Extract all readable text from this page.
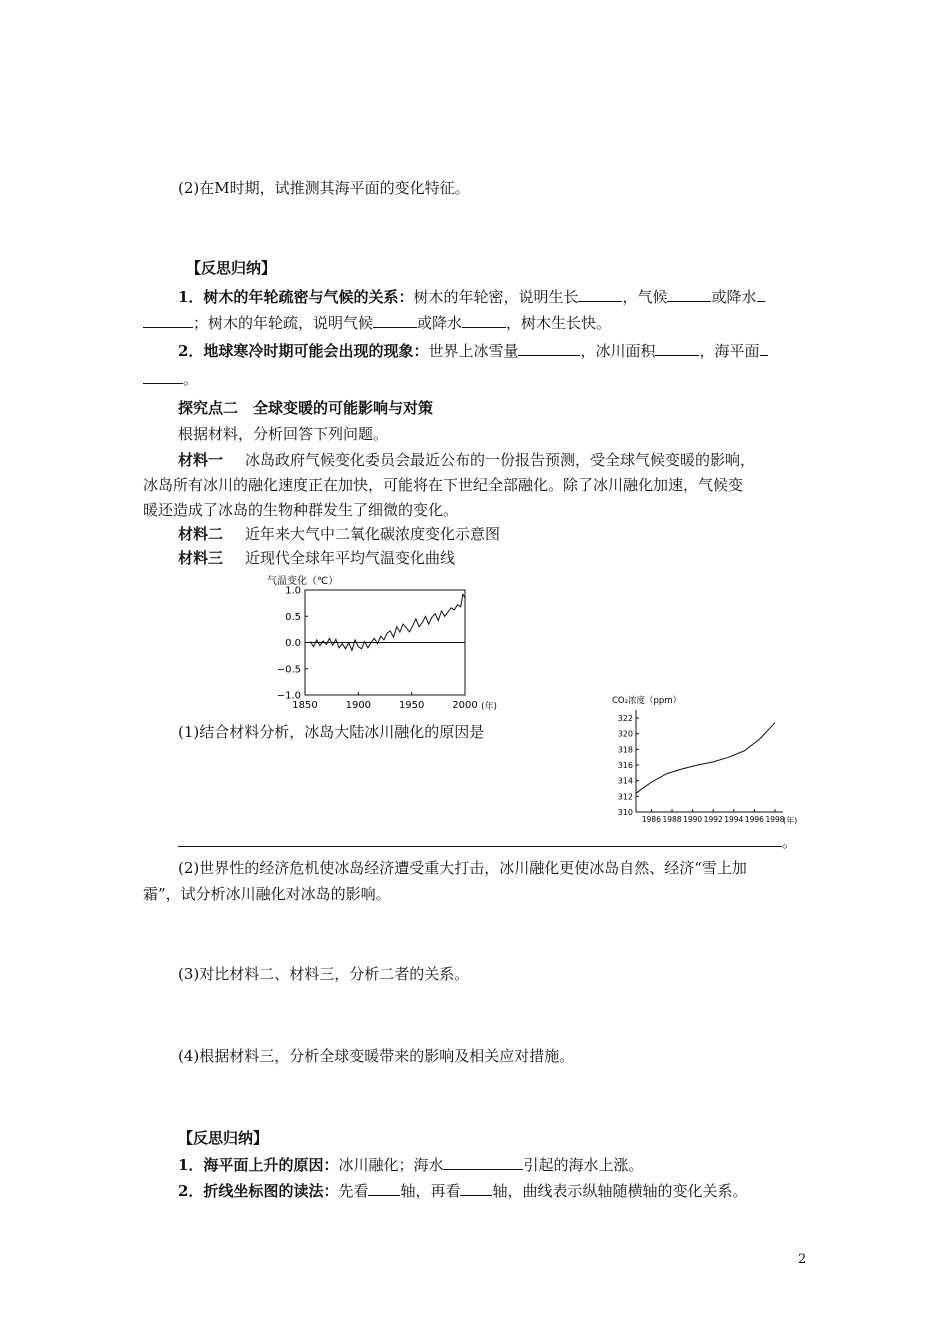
(2)在M时期，试推测其海平面的变化特征。
【反思归纳】
1．树木的年轮疏密与气候的关系：树木的年轮密，说明生长	，气候	或降水
；树木的年轮疏，说明气候	或降水	，树木生长快。
2．地球寒冷时期可能会出现的现象：世界上冰雪量	，冰川面积	，海平面
。
探究点二　全球变暖的可能影响与对策
根据材料，分析回答下列问题。
材料一 冰岛政府气候变化委员会最近公布的一份报告预测，受全球气候变暖的影响，
冰岛所有冰川的融化速度正在加快，可能将在下世纪全部融化。除了冰川融化加速，气候变
暖还造成了冰岛的生物种群发生了细微的变化。
材料二 近年来大气中二氧化碳浓度变化示意图
材料三 近现代全球年平均气温变化曲线
气温变化（℃）
1.0
0.5
0.0
−0.5
−1.0
1850	1900	1950	2000 (年)
(1)结合材料分析，冰岛大陆冰川融化的原因是
CO₂浓度（ppm）
310
312
314
316
318
320
322
1986 1988 1990 1992 1994 1996 1998
(年)
。
(2)世界性的经济危机使冰岛经济遭受重大打击，冰川融化更使冰岛自然、经济“雪上加
霜”，试分析冰川融化对冰岛的影响。
(3)对比材料二、材料三，分析二者的关系。
(4)根据材料三，分析全球变暖带来的影响及相关应对措施。
【反思归纳】
1．海平面上升的原因：冰川融化；海水	引起的海水上涨。
2．折线坐标图的读法：先看 轴，再看 轴，曲线表示纵轴随横轴的变化关系。
2
